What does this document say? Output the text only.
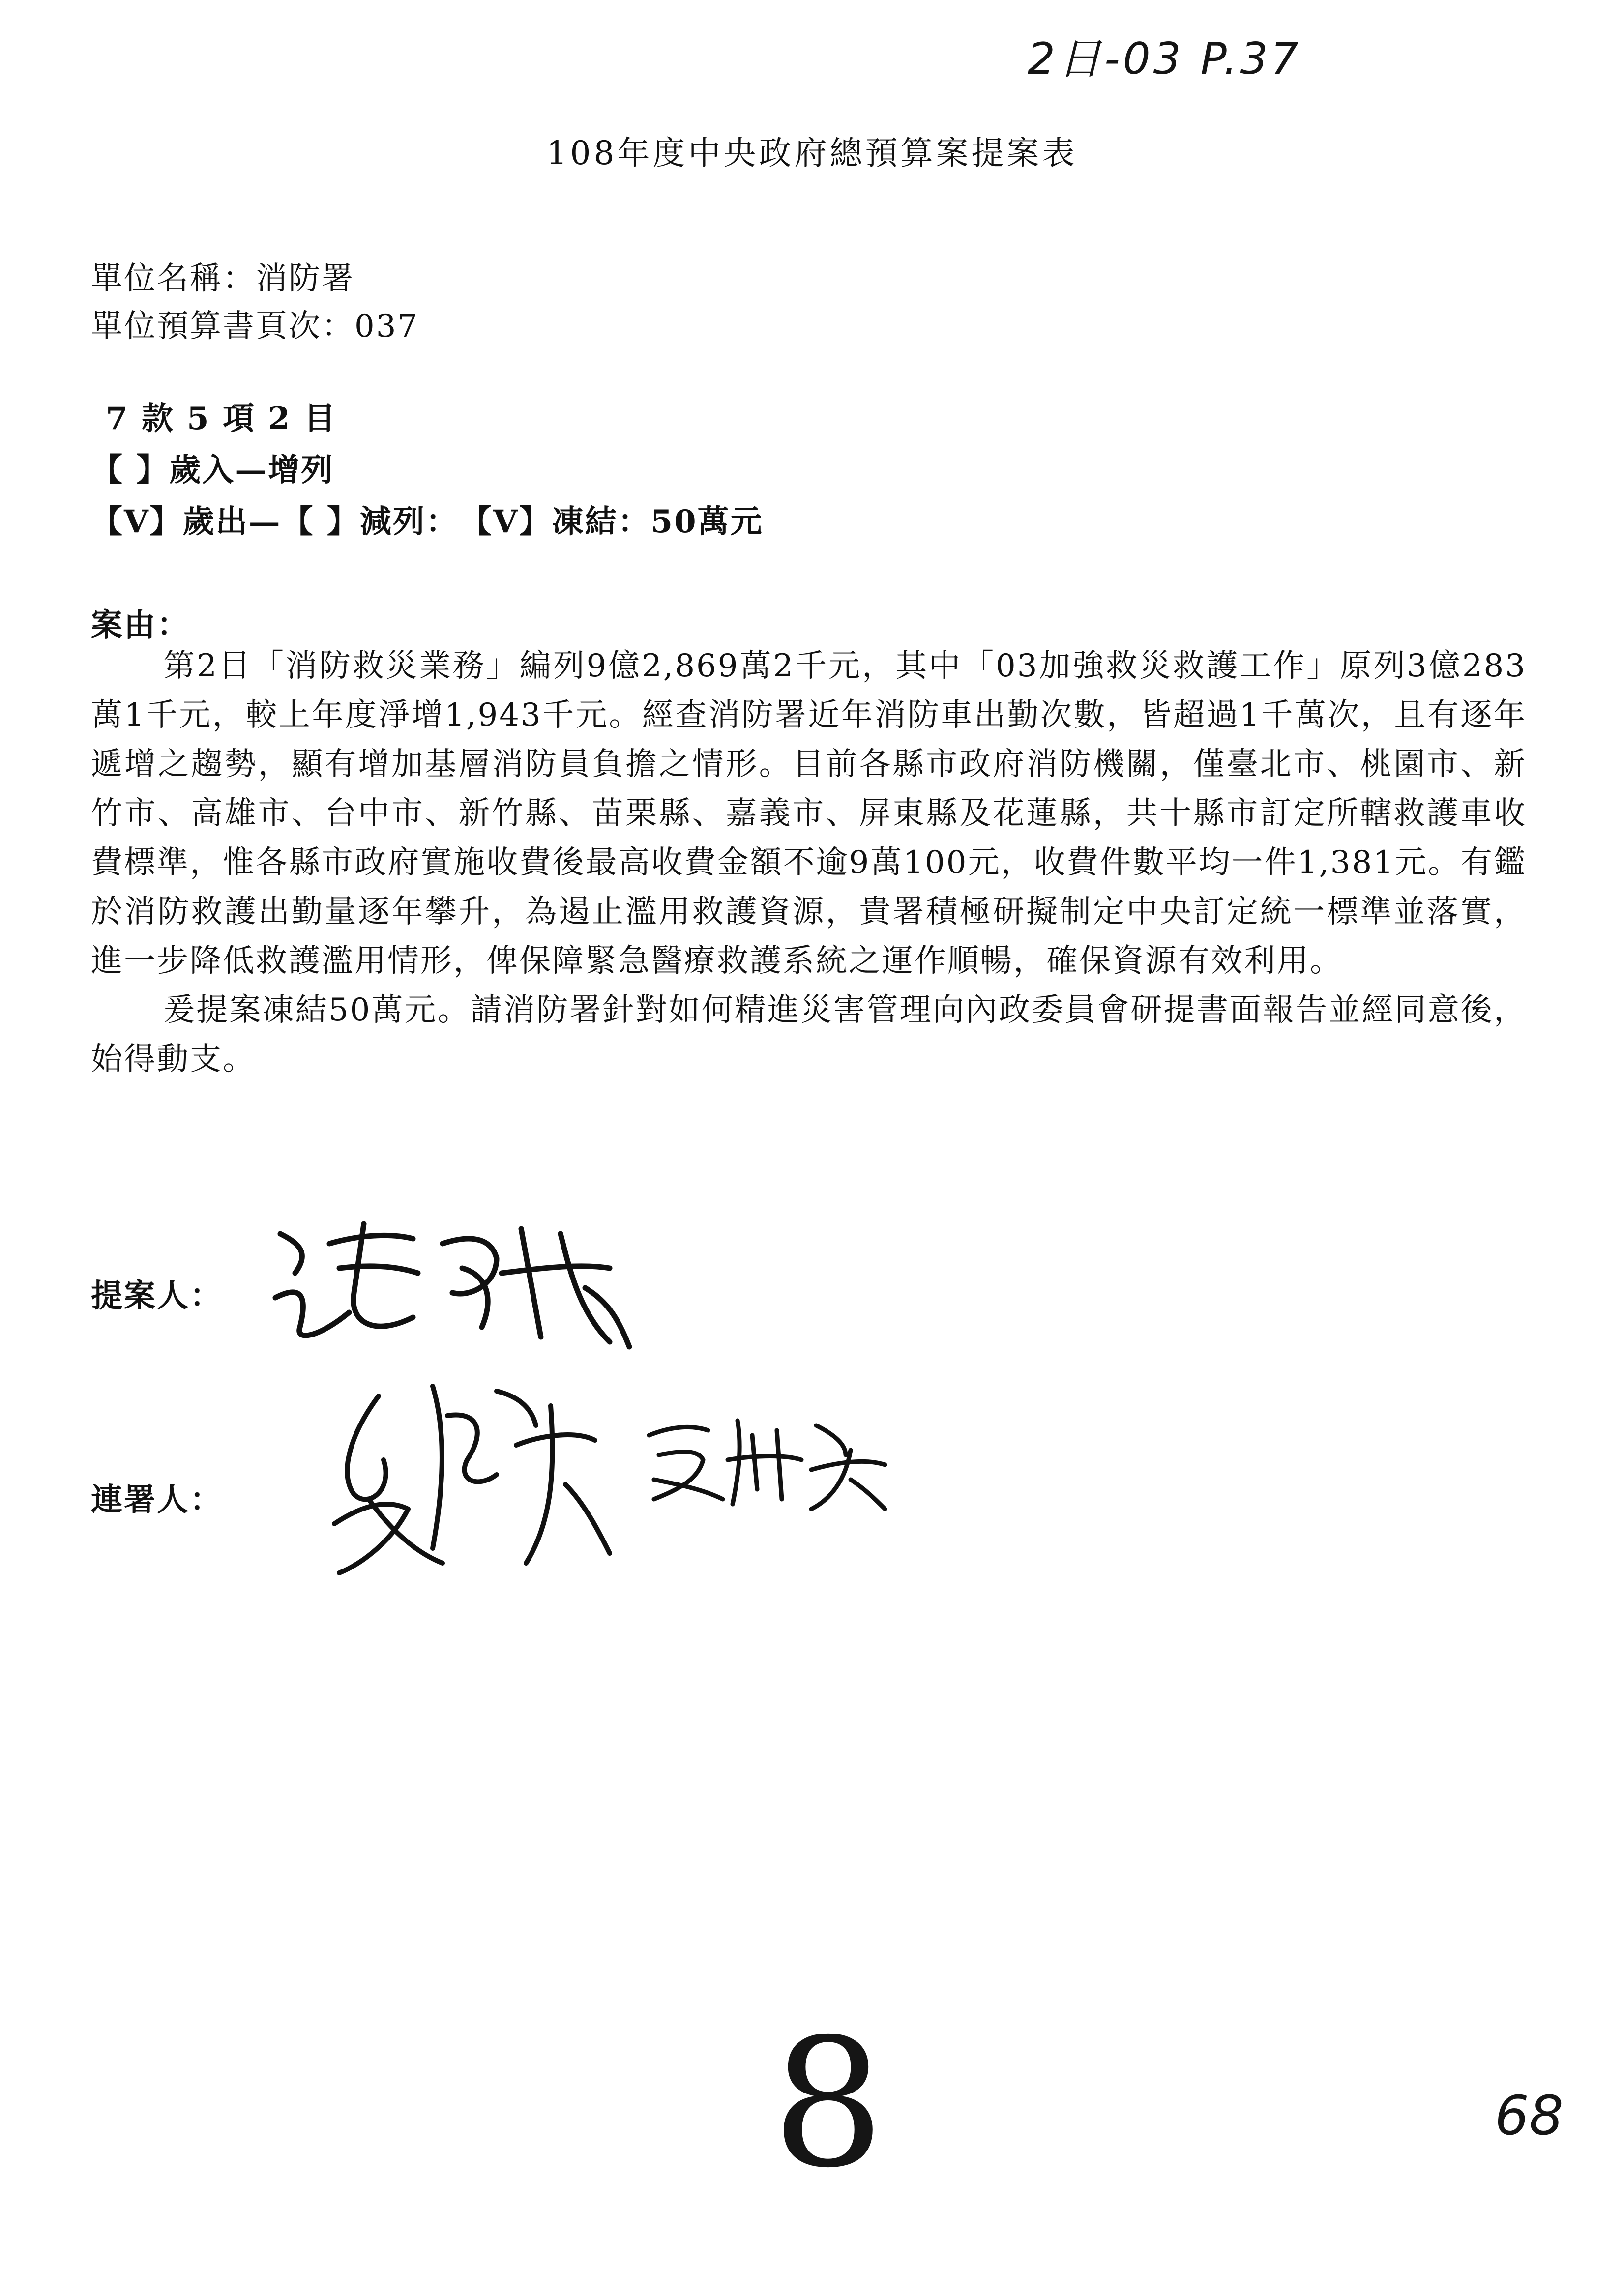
2日-03 P.37
108年度中央政府總預算案提案表
單位名稱：消防署
單位預算書頁次：037
7 款 5 項 2 目
【 】歲入—增列
【V】歲出—【 】減列：　【V】凍結：50萬元
案由：

第2目「消防救災業務」編列9億2,869萬2千元，其中「03加強救災救護工作」原列3億283萬1千元，較上年度淨增1,943千元。經查消防署近年消防車出勤次數，皆超過1千萬次，且有逐年遞增之趨勢，顯有增加基層消防員負擔之情形。目前各縣市政府消防機關，僅臺北市、桃園市、新竹市、高雄市、台中市、新竹縣、苗栗縣、嘉義市、屏東縣及花蓮縣，共十縣市訂定所轄救護車收費標準，惟各縣市政府實施收費後最高收費金額不逾9萬100元，收費件數平均一件1,381元。有鑑於消防救護出勤量逐年攀升，為遏止濫用救護資源，貴署積極研擬制定中央訂定統一標準並落實，進一步降低救護濫用情形，俾保障緊急醫療救護系統之運作順暢，確保資源有效利用。

爰提案凍結50萬元。請消防署針對如何精進災害管理向內政委員會研提書面報告並經同意後，始得動支。

提案人：
連署人：
8	68
